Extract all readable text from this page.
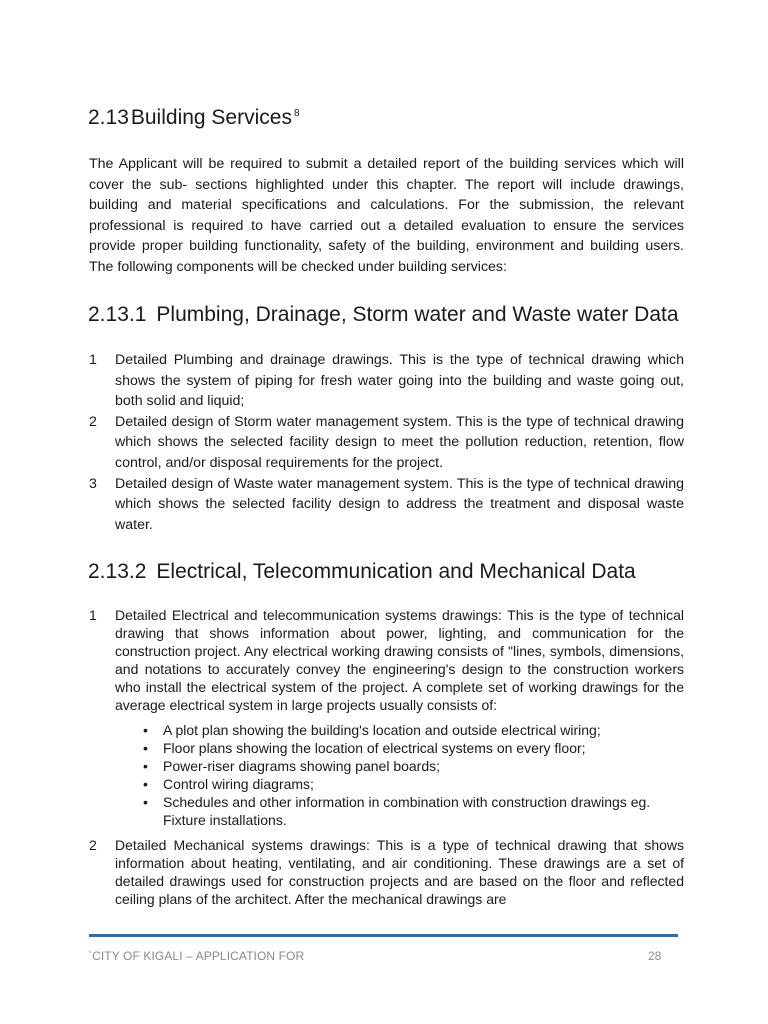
2.13Building Services $^8$

The Applicant will be required to submit a detailed report of the building services which will cover the sub- sections highlighted under this chapter. The report will include drawings, building and material specifications and calculations. For the submission, the relevant professional is required to have carried out a detailed evaluation to ensure the services provide proper building functionality, safety of the building, environment and building users. The following components will be checked under building services:

2.13.1 Plumbing, Drainage, Storm water and Waste water Data
1 Detailed Plumbing and drainage drawings. This is the type of technical drawing which shows the system of piping for fresh water going into the building and waste going out, both solid and liquid;
2 Detailed design of Storm water management system. This is the type of technical drawing which shows the selected facility design to meet the pollution reduction, retention, flow control, and/or disposal requirements for the project.
3 Detailed design of Waste water management system. This is the type of technical drawing which shows the selected facility design to address the treatment and disposal waste water.
2.13.2 Electrical, Telecommunication and Mechanical Data
1 Detailed Electrical and telecommunication systems drawings: This is the type of technical drawing that shows information about power, lighting, and communication for the construction project. Any electrical working drawing consists of "lines, symbols, dimensions, and notations to accurately convey the engineering's design to the construction workers who install the electrical system of the project. A complete set of working drawings for the average electrical system in large projects usually consists of:
• A plot plan showing the building's location and outside electrical wiring;
• Floor plans showing the location of electrical systems on every floor;
• Power-riser diagrams showing panel boards;
• Control wiring diagrams;
• Schedules and other information in combination with construction drawings eg. Fixture installations.
2 Detailed Mechanical systems drawings: This is a type of technical drawing that shows information about heating, ventilating, and air conditioning. These drawings are a set of detailed drawings used for construction projects and are based on the floor and reflected ceiling plans of the architect. After the mechanical drawings are
`CITY OF KIGALI – APPLICATION FOR	28
